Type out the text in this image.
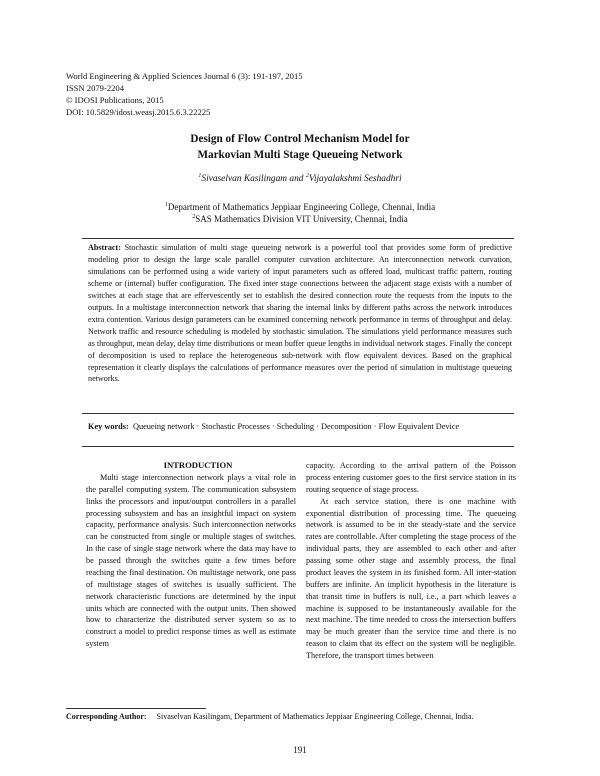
World Engineering & Applied Sciences Journal 6 (3): 191-197, 2015
ISSN 2079-2204
© IDOSI Publications, 2015
DOI: 10.5829/idosi.weasj.2015.6.3.22225
Design of Flow Control Mechanism Model for
Markovian Multi Stage Queueing Network
$^1$Sivaselvan Kasilingam and $^2$Vijayalakshmi Seshadhri
$^1$Department of Mathematics Jeppiaar Engineering College, Chennai, India
$^2$SAS Mathematics Division VIT University, Chennai, India
Abstract: Stochastic simulation of multi stage queueing network is a powerful tool that provides some form of predictive modeling prior to design the large scale parallel computer curvation architecture. An interconnection network curvation, simulations can be performed using a wide variety of input parameters such as offered load, multicast traffic pattern, routing scheme or (internal) buffer configuration. The fixed inter stage connections between the adjacent stage exists with a number of switches at each stage that are effervescently set to establish the desired connection route the requests from the inputs to the outputs. In a multistage interconnection network that sharing the internal links by different paths across the network introduces extra contention. Various design parameters can be examined concerning network performance in terms of throughput and delay. Network traffic and resource scheduling is modeled by stochastic simulation. The simulations yield performance measures such as throughput, mean delay, delay time distributions or mean buffer queue lengths in individual network stages. Finally the concept of decomposition is used to replace the heterogeneous sub-network with flow equivalent devices. Based on the graphical representation it clearly displays the calculations of performance measures over the period of simulation in multistage queueing networks.
Key words: Queueing network · Stochastic Processes · Scheduling · Decomposition · Flow Equivalent Device

INTRODUCTION

Multi stage interconnection network plays a vital role in the parallel computing system. The communication subsystem links the processors and input/output controllers in a parallel processing subsystem and has an insightful impact on system capacity, performance analysis. Such interconnection networks can be constructed from single or multiple stages of switches. In the case of single stage network where the data may have to be passed through the switches quite a few times before reaching the final destination. On multistage network, one pass of multistage stages of switches is usually sufficient. The network characteristic functions are determined by the input units which are connected with the output units. Then showed how to characterize the distributed server system so as to construct a model to predict response times as well as estimate system

capacity. According to the arrival pattern of the Poisson process entering customer goes to the first service station in its routing sequence of stage process.

At each service station, there is one machine with exponential distribution of processing time. The queueing network is assumed to be in the steady-state and the service rates are controllable. After completing the stage process of the individual parts, they are assembled to each other and after passing some other stage and assembly process, the final product leaves the system in its finished form. All inter-station buffers are infinite. An implicit hypothesis in the literature is that transit time in buffers is null, i.e., a part which leaves a machine is supposed to be instantaneously available for the next machine. The time needed to cross the intersection buffers may be much greater than the service time and there is no reason to claim that its effect on the system will be negligible. Therefore, the transport times between

Corresponding Author: Sivaselvan Kasilingam, Department of Mathematics Jeppiaar Engineering College, Chennai, India.
191
